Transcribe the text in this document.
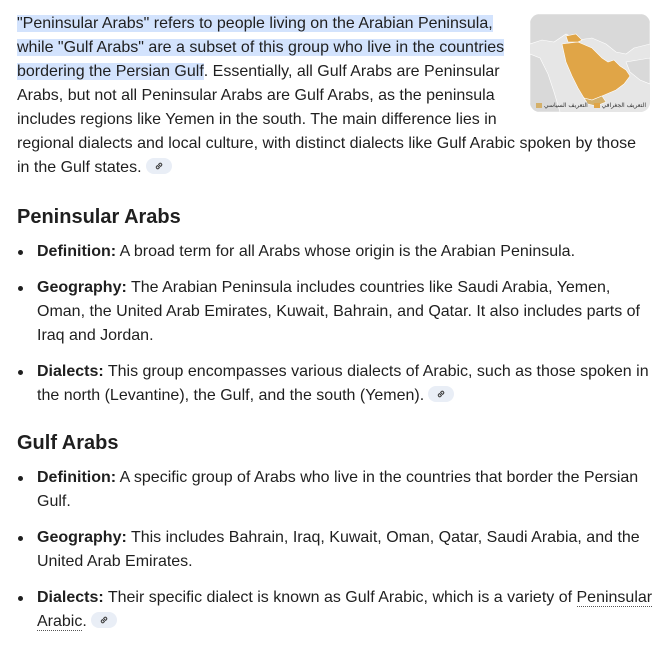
التعريف السياسي	التعريف الجغرافي
"Peninsular Arabs" refers to people living on the Arabian Peninsula, while "Gulf Arabs" are a subset of this group who live in the countries bordering the Persian Gulf. Essentially, all Gulf Arabs are Peninsular Arabs, but not all Peninsular Arabs are Gulf Arabs, as the peninsula includes regions like Yemen in the south. The main difference lies in regional dialects and local culture, with distinct dialects like Gulf Arabic spoken by those in the Gulf states.
Peninsular Arabs
Definition: A broad term for all Arabs whose origin is the Arabian Peninsula.
Geography: The Arabian Peninsula includes countries like Saudi Arabia, Yemen, Oman, the United Arab Emirates, Kuwait, Bahrain, and Qatar. It also includes parts of Iraq and Jordan.
Dialects: This group encompasses various dialects of Arabic, such as those spoken in the north (Levantine), the Gulf, and the south (Yemen).
Gulf Arabs
Definition: A specific group of Arabs who live in the countries that border the Persian Gulf.
Geography: This includes Bahrain, Iraq, Kuwait, Oman, Qatar, Saudi Arabia, and the United Arab Emirates.
Dialects: Their specific dialect is known as Gulf Arabic, which is a variety of Peninsular Arabic.
